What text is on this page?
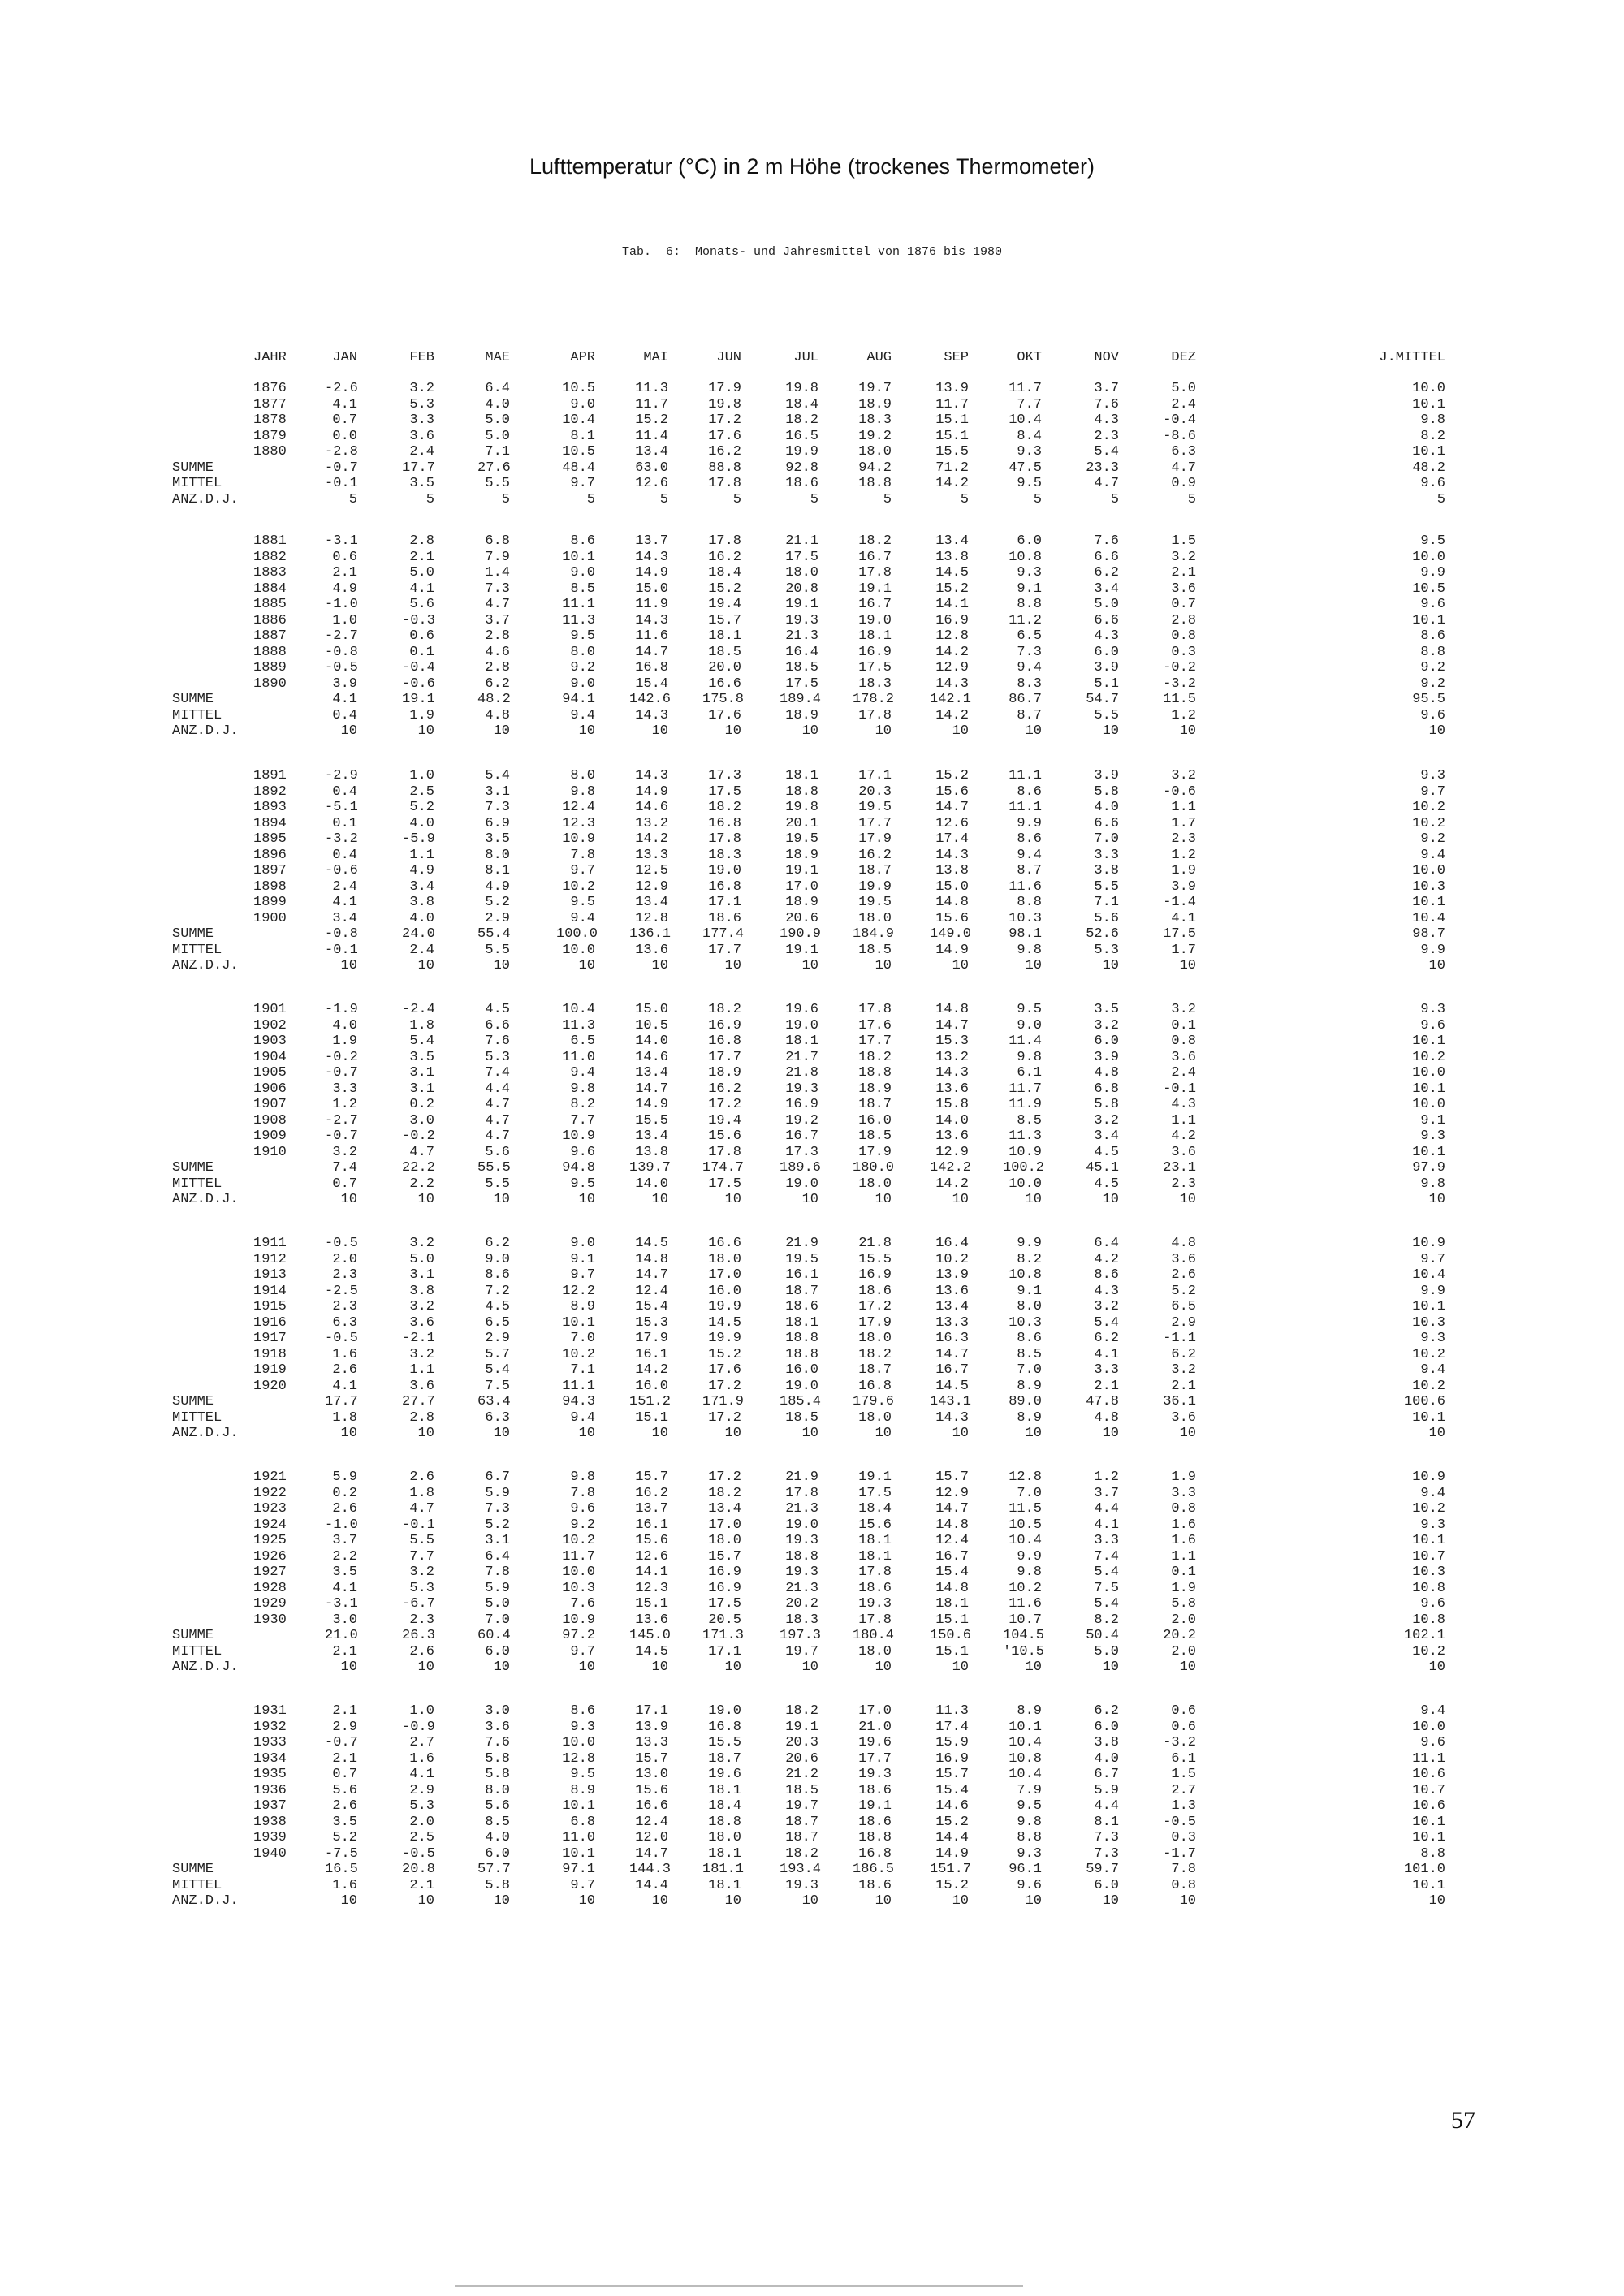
Lufttemperatur (°C) in 2 m Höhe (trockenes Thermometer)
Tab.  6:  Monats- und Jahresmittel von 1876 bis 1980
JAHR	JAN	FEB	MAE	APR	MAI	JUN	JUL	AUG	SEP	OKT	NOV	DEZ	J.MITTEL
1876	-2.6	3.2	6.4	10.5	11.3	17.9	19.8	19.7	13.9	11.7	3.7	5.0	10.0
1877	4.1	5.3	4.0	9.0	11.7	19.8	18.4	18.9	11.7	7.7	7.6	2.4	10.1
1878	0.7	3.3	5.0	10.4	15.2	17.2	18.2	18.3	15.1	10.4	4.3	-0.4	9.8
1879	0.0	3.6	5.0	8.1	11.4	17.6	16.5	19.2	15.1	8.4	2.3	-8.6	8.2
1880	-2.8	2.4	7.1	10.5	13.4	16.2	19.9	18.0	15.5	9.3	5.4	6.3	10.1
SUMME	-0.7	17.7	27.6	48.4	63.0	88.8	92.8	94.2	71.2	47.5	23.3	4.7	48.2
MITTEL	-0.1	3.5	5.5	9.7	12.6	17.8	18.6	18.8	14.2	9.5	4.7	0.9	9.6
ANZ.D.J.	5	5	5	5	5	5	5	5	5	5	5	5	5
1881	-3.1	2.8	6.8	8.6	13.7	17.8	21.1	18.2	13.4	6.0	7.6	1.5	9.5
1882	0.6	2.1	7.9	10.1	14.3	16.2	17.5	16.7	13.8	10.8	6.6	3.2	10.0
1883	2.1	5.0	1.4	9.0	14.9	18.4	18.0	17.8	14.5	9.3	6.2	2.1	9.9
1884	4.9	4.1	7.3	8.5	15.0	15.2	20.8	19.1	15.2	9.1	3.4	3.6	10.5
1885	-1.0	5.6	4.7	11.1	11.9	19.4	19.1	16.7	14.1	8.8	5.0	0.7	9.6
1886	1.0	-0.3	3.7	11.3	14.3	15.7	19.3	19.0	16.9	11.2	6.6	2.8	10.1
1887	-2.7	0.6	2.8	9.5	11.6	18.1	21.3	18.1	12.8	6.5	4.3	0.8	8.6
1888	-0.8	0.1	4.6	8.0	14.7	18.5	16.4	16.9	14.2	7.3	6.0	0.3	8.8
1889	-0.5	-0.4	2.8	9.2	16.8	20.0	18.5	17.5	12.9	9.4	3.9	-0.2	9.2
1890	3.9	-0.6	6.2	9.0	15.4	16.6	17.5	18.3	14.3	8.3	5.1	-3.2	9.2
SUMME	4.1	19.1	48.2	94.1 142.6 175.8	189.4 178.2	142.1	86.7	54.7	11.5	95.5
MITTEL	0.4	1.9	4.8	9.4	14.3	17.6	18.9	17.8	14.2	8.7	5.5	1.2	9.6
ANZ.D.J.	10	10	10	10	10	10	10	10	10	10	10	10	10
1891	-2.9	1.0	5.4	8.0	14.3	17.3	18.1	17.1	15.2	11.1	3.9	3.2	9.3
1892	0.4	2.5	3.1	9.8	14.9	17.5	18.8	20.3	15.6	8.6	5.8	-0.6	9.7
1893	-5.1	5.2	7.3	12.4	14.6	18.2	19.8	19.5	14.7	11.1	4.0	1.1	10.2
1894	0.1	4.0	6.9	12.3	13.2	16.8	20.1	17.7	12.6	9.9	6.6	1.7	10.2
1895	-3.2	-5.9	3.5	10.9	14.2	17.8	19.5	17.9	17.4	8.6	7.0	2.3	9.2
1896	0.4	1.1	8.0	7.8	13.3	18.3	18.9	16.2	14.3	9.4	3.3	1.2	9.4
1897	-0.6	4.9	8.1	9.7	12.5	19.0	19.1	18.7	13.8	8.7	3.8	1.9	10.0
1898	2.4	3.4	4.9	10.2	12.9	16.8	17.0	19.9	15.0	11.6	5.5	3.9	10.3
1899	4.1	3.8	5.2	9.5	13.4	17.1	18.9	19.5	14.8	8.8	7.1	-1.4	10.1
1900	3.4	4.0	2.9	9.4	12.8	18.6	20.6	18.0	15.6	10.3	5.6	4.1	10.4
SUMME	-0.8	24.0	55.4	100.0 136.1 177.4	190.9 184.9	149.0	98.1	52.6	17.5	98.7
MITTEL	-0.1	2.4	5.5	10.0	13.6	17.7	19.1	18.5	14.9	9.8	5.3	1.7	9.9
ANZ.D.J.	10	10	10	10	10	10	10	10	10	10	10	10	10
1901	-1.9	-2.4	4.5	10.4	15.0	18.2	19.6	17.8	14.8	9.5	3.5	3.2	9.3
1902	4.0	1.8	6.6	11.3	10.5	16.9	19.0	17.6	14.7	9.0	3.2	0.1	9.6
1903	1.9	5.4	7.6	6.5	14.0	16.8	18.1	17.7	15.3	11.4	6.0	0.8	10.1
1904	-0.2	3.5	5.3	11.0	14.6	17.7	21.7	18.2	13.2	9.8	3.9	3.6	10.2
1905	-0.7	3.1	7.4	9.4	13.4	18.9	21.8	18.8	14.3	6.1	4.8	2.4	10.0
1906	3.3	3.1	4.4	9.8	14.7	16.2	19.3	18.9	13.6	11.7	6.8	-0.1	10.1
1907	1.2	0.2	4.7	8.2	14.9	17.2	16.9	18.7	15.8	11.9	5.8	4.3	10.0
1908	-2.7	3.0	4.7	7.7	15.5	19.4	19.2	16.0	14.0	8.5	3.2	1.1	9.1
1909	-0.7	-0.2	4.7	10.9	13.4	15.6	16.7	18.5	13.6	11.3	3.4	4.2	9.3
1910	3.2	4.7	5.6	9.6	13.8	17.8	17.3	17.9	12.9	10.9	4.5	3.6	10.1
SUMME	7.4	22.2	55.5	94.8 139.7 174.7	189.6 180.0	142.2 100.2	45.1	23.1	97.9
MITTEL	0.7	2.2	5.5	9.5	14.0	17.5	19.0	18.0	14.2	10.0	4.5	2.3	9.8
ANZ.D.J.	10	10	10	10	10	10	10	10	10	10	10	10	10
1911	-0.5	3.2	6.2	9.0	14.5	16.6	21.9	21.8	16.4	9.9	6.4	4.8	10.9
1912	2.0	5.0	9.0	9.1	14.8	18.0	19.5	15.5	10.2	8.2	4.2	3.6	9.7
1913	2.3	3.1	8.6	9.7	14.7	17.0	16.1	16.9	13.9	10.8	8.6	2.6	10.4
1914	-2.5	3.8	7.2	12.2	12.4	16.0	18.7	18.6	13.6	9.1	4.3	5.2	9.9
1915	2.3	3.2	4.5	8.9	15.4	19.9	18.6	17.2	13.4	8.0	3.2	6.5	10.1
1916	6.3	3.6	6.5	10.1	15.3	14.5	18.1	17.9	13.3	10.3	5.4	2.9	10.3
1917	-0.5	-2.1	2.9	7.0	17.9	19.9	18.8	18.0	16.3	8.6	6.2	-1.1	9.3
1918	1.6	3.2	5.7	10.2	16.1	15.2	18.8	18.2	14.7	8.5	4.1	6.2	10.2
1919	2.6	1.1	5.4	7.1	14.2	17.6	16.0	18.7	16.7	7.0	3.3	3.2	9.4
1920	4.1	3.6	7.5	11.1	16.0	17.2	19.0	16.8	14.5	8.9	2.1	2.1	10.2
SUMME	17.7	27.7	63.4	94.3 151.2 171.9	185.4 179.6	143.1	89.0	47.8	36.1	100.6
MITTEL	1.8	2.8	6.3	9.4	15.1	17.2	18.5	18.0	14.3	8.9	4.8	3.6	10.1
ANZ.D.J.	10	10	10	10	10	10	10	10	10	10	10	10	10
1921	5.9	2.6	6.7	9.8	15.7	17.2	21.9	19.1	15.7	12.8	1.2	1.9	10.9
1922	0.2	1.8	5.9	7.8	16.2	18.2	17.8	17.5	12.9	7.0	3.7	3.3	9.4
1923	2.6	4.7	7.3	9.6	13.7	13.4	21.3	18.4	14.7	11.5	4.4	0.8	10.2
1924	-1.0	-0.1	5.2	9.2	16.1	17.0	19.0	15.6	14.8	10.5	4.1	1.6	9.3
1925	3.7	5.5	3.1	10.2	15.6	18.0	19.3	18.1	12.4	10.4	3.3	1.6	10.1
1926	2.2	7.7	6.4	11.7	12.6	15.7	18.8	18.1	16.7	9.9	7.4	1.1	10.7
1927	3.5	3.2	7.8	10.0	14.1	16.9	19.3	17.8	15.4	9.8	5.4	0.1	10.3
1928	4.1	5.3	5.9	10.3	12.3	16.9	21.3	18.6	14.8	10.2	7.5	1.9	10.8
1929	-3.1	-6.7	5.0	7.6	15.1	17.5	20.2	19.3	18.1	11.6	5.4	5.8	9.6
1930	3.0	2.3	7.0	10.9	13.6	20.5	18.3	17.8	15.1	10.7	8.2	2.0	10.8
SUMME	21.0	26.3	60.4	97.2 145.0 171.3	197.3 180.4	150.6 104.5	50.4	20.2	102.1
MITTEL	2.1	2.6	6.0	9.7	14.5	17.1	19.7	18.0	15.1 '10.5	5.0	2.0	10.2
ANZ.D.J.	10	10	10	10	10	10	10	10	10	10	10	10	10
1931	2.1	1.0	3.0	8.6	17.1	19.0	18.2	17.0	11.3	8.9	6.2	0.6	9.4
1932	2.9	-0.9	3.6	9.3	13.9	16.8	19.1	21.0	17.4	10.1	6.0	0.6	10.0
1933	-0.7	2.7	7.6	10.0	13.3	15.5	20.3	19.6	15.9	10.4	3.8	-3.2	9.6
1934	2.1	1.6	5.8	12.8	15.7	18.7	20.6	17.7	16.9	10.8	4.0	6.1	11.1
1935	0.7	4.1	5.8	9.5	13.0	19.6	21.2	19.3	15.7	10.4	6.7	1.5	10.6
1936	5.6	2.9	8.0	8.9	15.6	18.1	18.5	18.6	15.4	7.9	5.9	2.7	10.7
1937	2.6	5.3	5.6	10.1	16.6	18.4	19.7	19.1	14.6	9.5	4.4	1.3	10.6
1938	3.5	2.0	8.5	6.8	12.4	18.8	18.7	18.6	15.2	9.8	8.1	-0.5	10.1
1939	5.2	2.5	4.0	11.0	12.0	18.0	18.7	18.8	14.4	8.8	7.3	0.3	10.1
1940	-7.5	-0.5	6.0	10.1	14.7	18.1	18.2	16.8	14.9	9.3	7.3	-1.7	8.8
SUMME	16.5	20.8	57.7	97.1 144.3 181.1	193.4 186.5	151.7	96.1	59.7	7.8	101.0
MITTEL	1.6	2.1	5.8	9.7	14.4	18.1	19.3	18.6	15.2	9.6	6.0	0.8	10.1
ANZ.D.J.	10	10	10	10	10	10	10	10	10	10	10	10	10
57
